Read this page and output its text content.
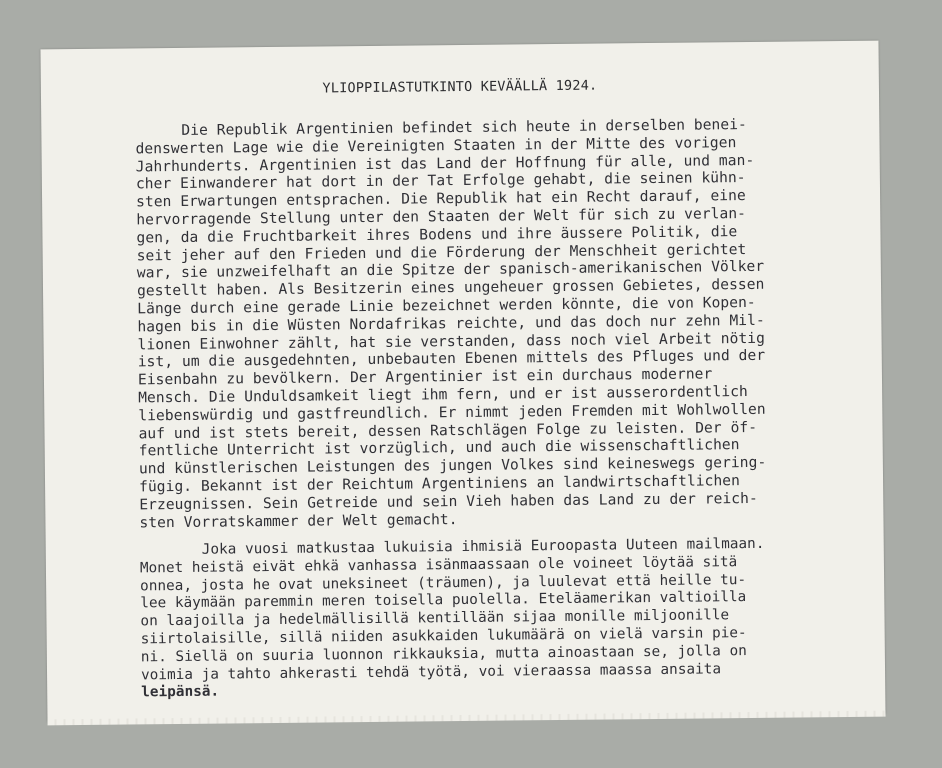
YLIOPPILASTUTKINTO KEVÄÄLLÄ 1924.
Die Republik Argentinien befindet sich heute in derselben benei-
denswerten Lage wie die Vereinigten Staaten in der Mitte des vorigen
Jahrhunderts. Argentinien ist das Land der Hoffnung für alle, und man-
cher Einwanderer hat dort in der Tat Erfolge gehabt, die seinen kühn-
sten Erwartungen entsprachen. Die Republik hat ein Recht darauf, eine
hervorragende Stellung unter den Staaten der Welt für sich zu verlan-
gen, da die Fruchtbarkeit ihres Bodens und ihre äussere Politik, die
seit jeher auf den Frieden und die Förderung der Menschheit gerichtet
war, sie unzweifelhaft an die Spitze der spanisch-amerikanischen Völker
gestellt haben. Als Besitzerin eines ungeheuer grossen Gebietes, dessen
Länge durch eine gerade Linie bezeichnet werden könnte, die von Kopen-
hagen bis in die Wüsten Nordafrikas reichte, und das doch nur zehn Mil-
lionen Einwohner zählt, hat sie verstanden, dass noch viel Arbeit nötig
ist, um die ausgedehnten, unbebauten Ebenen mittels des Pfluges und der
Eisenbahn zu bevölkern. Der Argentinier ist ein durchaus moderner
Mensch. Die Unduldsamkeit liegt ihm fern, und er ist ausserordentlich
liebenswürdig und gastfreundlich. Er nimmt jeden Fremden mit Wohlwollen
auf und ist stets bereit, dessen Ratschlägen Folge zu leisten. Der öf-
fentliche Unterricht ist vorzüglich, und auch die wissenschaftlichen
und künstlerischen Leistungen des jungen Volkes sind keineswegs gering-
fügig. Bekannt ist der Reichtum Argentiniens an landwirtschaftlichen
Erzeugnissen. Sein Getreide und sein Vieh haben das Land zu der reich-
sten Vorratskammer der Welt gemacht.
Joka vuosi matkustaa lukuisia ihmisiä Euroopasta Uuteen mailmaan.
Monet heistä eivät ehkä vanhassa isänmaassaan ole voineet löytää sitä
onnea, josta he ovat uneksineet (träumen), ja luulevat että heille tu-
lee käymään paremmin meren toisella puolella. Eteläamerikan valtioilla
on laajoilla ja hedelmällisillä kentillään sijaa monille miljoonille
siirtolaisille, sillä niiden asukkaiden lukumäärä on vielä varsin pie-
ni. Siellä on suuria luonnon rikkauksia, mutta ainoastaan se, jolla on
voimia ja tahto ahkerasti tehdä työtä, voi vieraassa maassa ansaita
leipänsä.
